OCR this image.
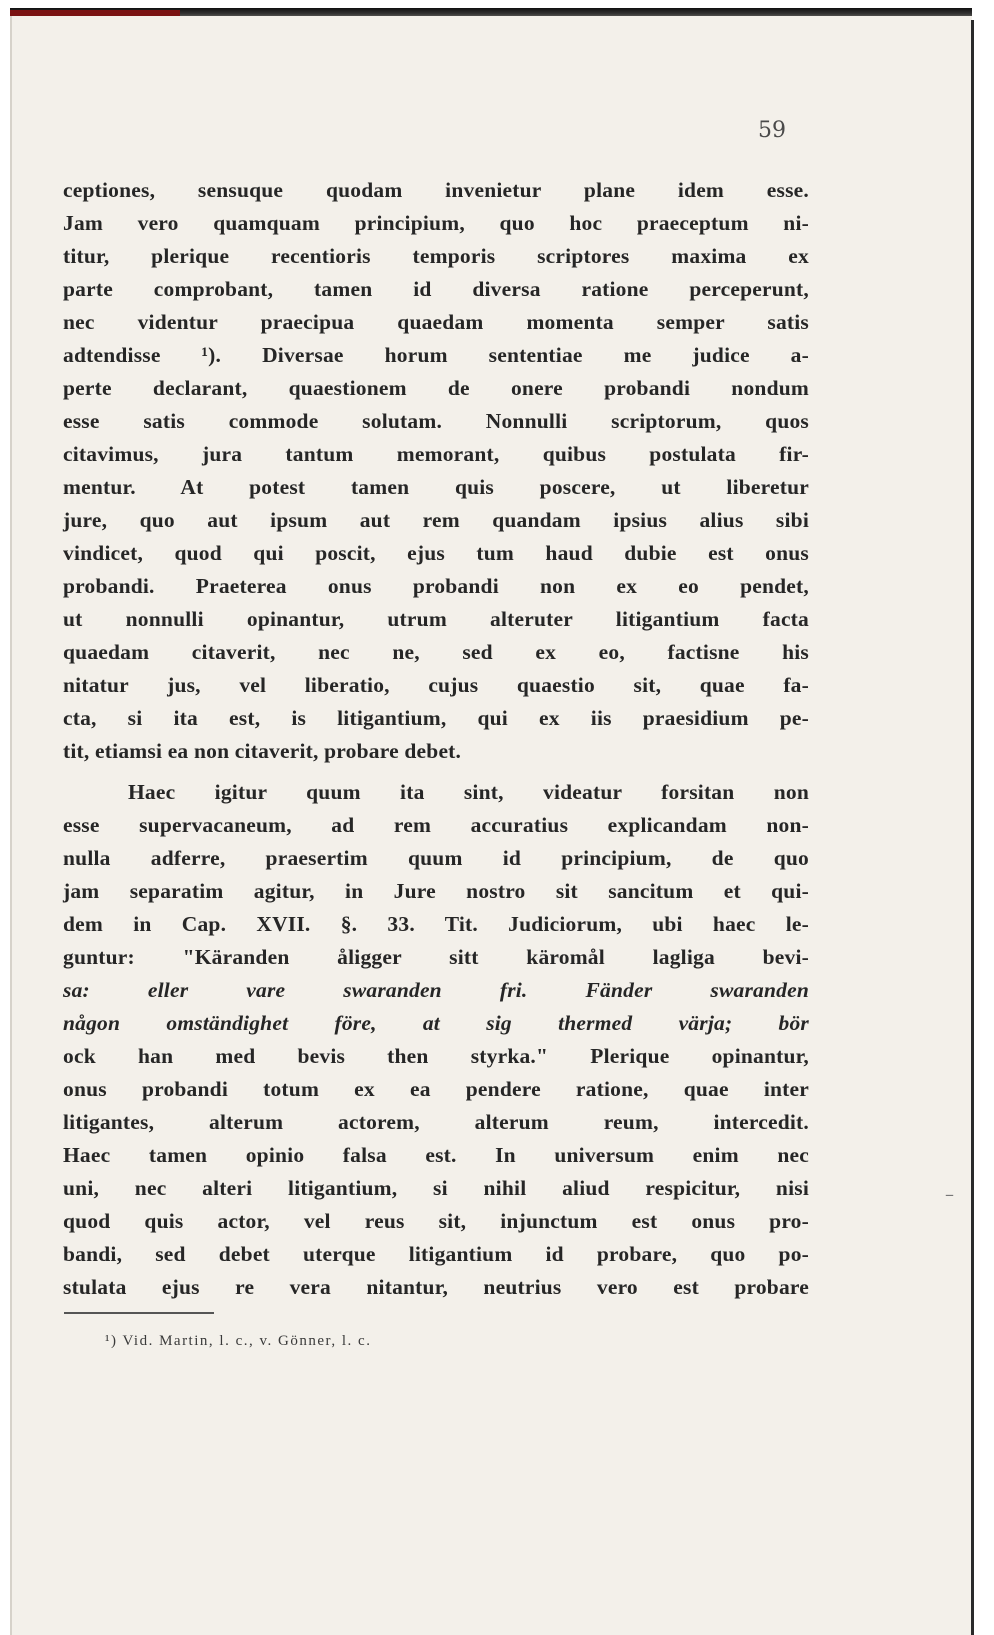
59
ceptiones, sensuque quodam invenietur plane idem esse.
Jam vero quamquam principium, quo hoc praeceptum ni-
titur, plerique recentioris temporis scriptores maxima ex
parte comprobant, tamen id diversa ratione perceperunt,
nec videntur praecipua quaedam momenta semper satis
adtendisse ¹). Diversae horum sententiae me judice a-
perte declarant, quaestionem de onere probandi nondum
esse satis commode solutam. Nonnulli scriptorum, quos
citavimus, jura tantum memorant, quibus postulata fir-
mentur. At potest tamen quis poscere, ut liberetur
jure, quo aut ipsum aut rem quandam ipsius alius sibi
vindicet, quod qui poscit, ejus tum haud dubie est onus
probandi. Praeterea onus probandi non ex eo pendet,
ut nonnulli opinantur, utrum alteruter litigantium facta
quaedam citaverit, nec ne, sed ex eo, factisne his
nitatur jus, vel liberatio, cujus quaestio sit, quae fa-
cta, si ita est, is litigantium, qui ex iis praesidium pe-
tit, etiamsi ea non citaverit, probare debet.
Haec igitur quum ita sint, videatur forsitan non
esse supervacaneum, ad rem accuratius explicandam non-
nulla adferre, praesertim quum id principium, de quo
jam separatim agitur, in Jure nostro sit sancitum et qui-
dem in Cap. XVII. §. 33. Tit. Judiciorum, ubi haec le-
guntur: "Käranden åligger sitt käromål lagliga bevi-
sa: eller vare swaranden fri. Fänder swaranden
någon omständighet före, at sig thermed värja; bör
ock han med bevis then styrka." Plerique opinantur,
onus probandi totum ex ea pendere ratione, quae inter
litigantes, alterum actorem, alterum reum, intercedit.
Haec tamen opinio falsa est. In universum enim nec
uni, nec alteri litigantium, si nihil aliud respicitur, nisi
quod quis actor, vel reus sit, injunctum est onus pro-
bandi, sed debet uterque litigantium id probare, quo po-
stulata ejus re vera nitantur, neutrius vero est probare
¹) Vid. Martin, l. c., v. Gönner, l. c.
–
